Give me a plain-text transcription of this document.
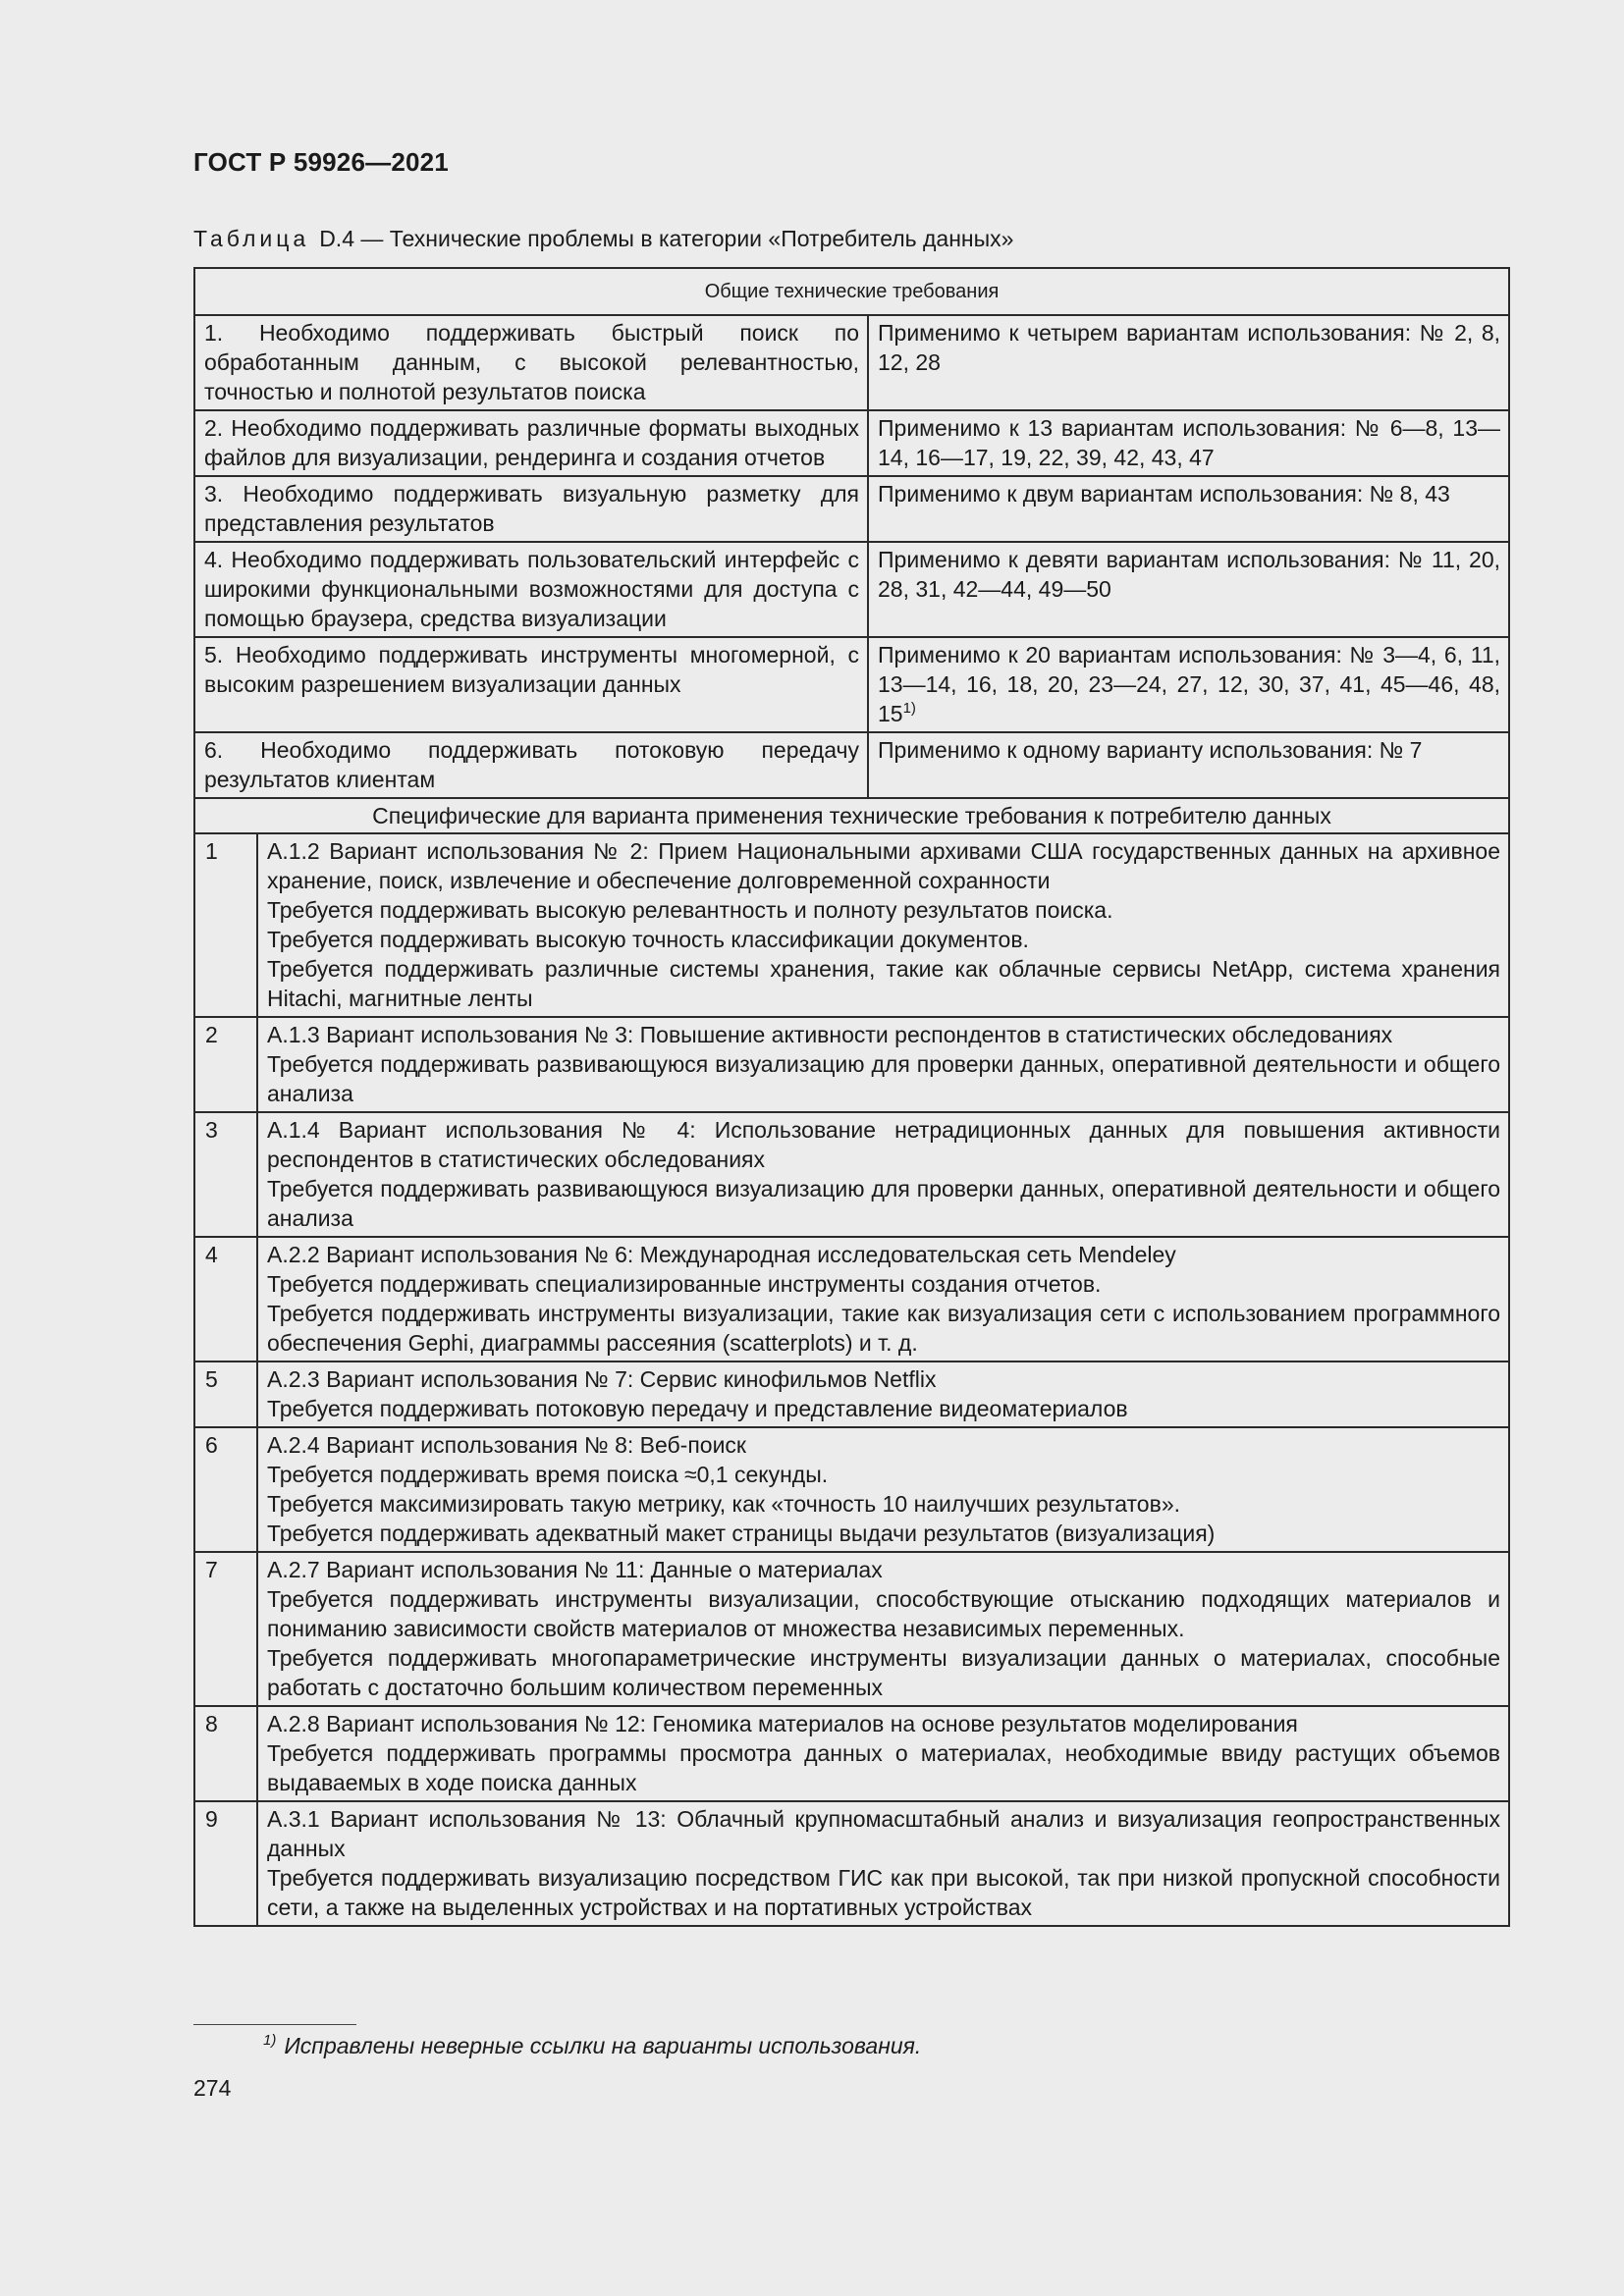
ГОСТ Р 59926—2021
Таблица D.4 — Технические проблемы в категории «Потребитель данных»
Общие технические требования		
1. Необходимо поддерживать быстрый поиск по обработанным данным, с высокой релевантностью, точностью и полнотой результатов поиска		Применимо к четырем вариантам использования: № 2, 8, 12, 28
2. Необходимо поддерживать различные форматы выходных файлов для визуализации, рендеринга и создания отчетов		Применимо к 13 вариантам использования: № 6—8, 13—14, 16—17, 19, 22, 39, 42, 43, 47
3. Необходимо поддерживать визуальную разметку для представления результатов		Применимо к двум вариантам использования: № 8, 43
4. Необходимо поддерживать пользовательский интерфейс с широкими функциональными возможностями для доступа с помощью браузера, средства визуализации		Применимо к девяти вариантам использования: № 11, 20, 28, 31, 42—44, 49—50
5. Необходимо поддерживать инструменты многомерной, с высоким разрешением визуализации данных		Применимо к 20 вариантам использования: № 3—4, 6, 11, 13—14, 16, 18, 20, 23—24, 27, 12, 30, 37, 41, 45—46, 48, 15$^{1)}$
6. Необходимо поддерживать потоковую передачу результатов клиентам		Применимо к одному варианту использования: № 7
Специфические для варианта применения технические требования к потребителю данных		
1	А.1.2 Вариант использования № 2: Прием Национальными архивами США государственных данных на архивное хранение, поиск, извлечение и обеспечение долговременной сохранности
Требуется поддерживать высокую релевантность и полноту результатов поиска.
Требуется поддерживать высокую точность классификации документов.
Требуется поддерживать различные системы хранения, такие как облачные сервисы NetApp, система хранения Hitachi, магнитные ленты	

2	А.1.3 Вариант использования № 3: Повышение активности респондентов в статистических обследованиях
Требуется поддерживать развивающуюся визуализацию для проверки данных, оперативной деятельности и общего анализа	

3	А.1.4 Вариант использования № 4: Использование нетрадиционных данных для повышения активности респондентов в статистических обследованиях
Требуется поддерживать развивающуюся визуализацию для проверки данных, оперативной деятельности и общего анализа	

4	А.2.2 Вариант использования № 6: Международная исследовательская сеть Mendeley
Требуется поддерживать специализированные инструменты создания отчетов.
Требуется поддерживать инструменты визуализации, такие как визуализация сети с использованием программного обеспечения Gephi, диаграммы рассеяния (scatterplots) и т. д.	

5	А.2.3 Вариант использования № 7: Сервис кинофильмов Netflix
Требуется поддерживать потоковую передачу и представление видеоматериалов	

6	А.2.4 Вариант использования № 8: Веб-поиск
Требуется поддерживать время поиска ≈0,1 секунды.
Требуется максимизировать такую метрику, как «точность 10 наилучших результатов».
Требуется поддерживать адекватный макет страницы выдачи результатов (визуализация)	

7	А.2.7 Вариант использования № 11: Данные о материалах
Требуется поддерживать инструменты визуализации, способствующие отысканию подходящих материалов и пониманию зависимости свойств материалов от множества независимых переменных.
Требуется поддерживать многопараметрические инструменты визуализации данных о материалах, способные работать с достаточно большим количеством переменных	

8	А.2.8 Вариант использования № 12: Геномика материалов на основе результатов моделирования
Требуется поддерживать программы просмотра данных о материалах, необходимые ввиду растущих объемов выдаваемых в ходе поиска данных	

9	А.3.1 Вариант использования № 13: Облачный крупномасштабный анализ и визуализация геопространственных данных
Требуется поддерживать визуализацию посредством ГИС как при высокой, так при низкой пропускной способности сети, а также на выделенных устройствах и на портативных устройствах	
$^{1)}$ Исправлены неверные ссылки на варианты использования.
274
